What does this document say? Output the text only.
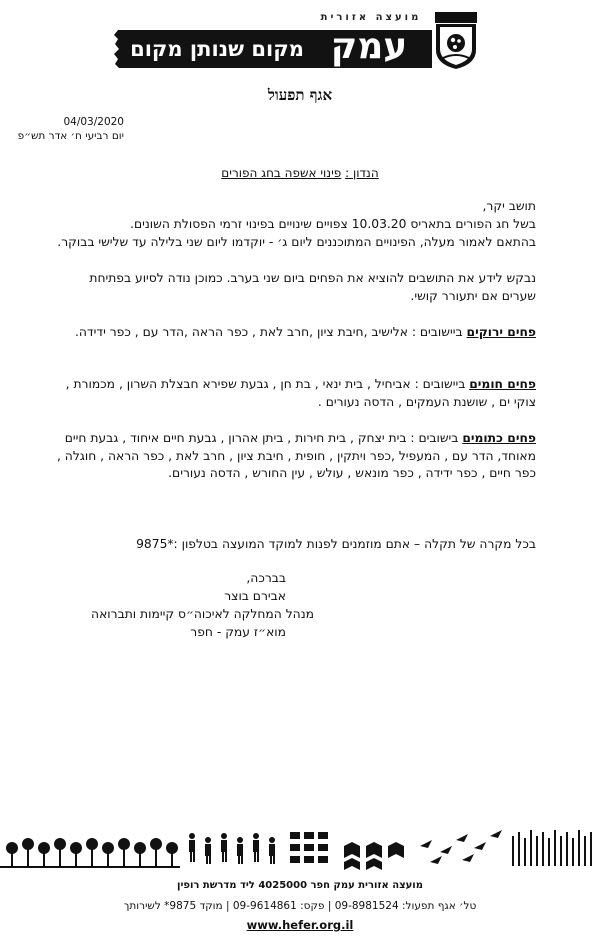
מועצה אזורית
מקום שנותן מקום עמק חפר
אגף תפעול
04/03/2020
יום רביעי ח׳ אדר תש״פ
הנדון : פינוי אשפה בחג הפורים
תושב יקר,
בשל חג הפורים בתאריס 10.03.20 צפויים שינויים בפינוי זרמי הפסולת השונים.
בהתאם לאמור מעלה, הפינויים המתוכננים ליום ג׳ - יוקדמו ליום שני בלילה עד שלישי בבוקר.
נבקש לידע את התושבים להוציא את הפחים ביום שני בערב. כמוכן נודה לסיוע בפתיחת שערים אם יתעורר קושי.
פחים ירוקים ביישובים : אלישיב ,חיבת ציון ,חרב לאת , כפר הראה ,הדר עם , כפר ידידה.
פחים חומים ביישובים : אביחיל , בית ינאי , בת חן , גבעת שפירא חבצלת השרון , מכמורת , צוקי ים , שושנת העמקים , הדסה נעורים .
פחים כתומים בישובים : בית יצחק , בית חירות , ביתן אהרון , גבעת חיים איחוד , גבעת חיים מאוחד, הדר עם , המעפיל ,כפר ויתקין , חופית , חיבת ציון , חרב לאת , כפר הראה , חוגלה , כפר חיים , כפר ידידה , כפר מונאש , עולש , עין החורש , הדסה נעורים.
בכל מקרה של תקלה – אתם מוזמנים לפנות למוקד המועצה בטלפון :*9875
בברכה,
אבירם בוצר
מנהל המחלקה לאיכוה״ס קיימות ותברואה
מוא״ז עמק - חפר
מועצה אזורית עמק חפר 4025000 ליד מדרשת רופין
טל׳ אגף תפעול: 09-8981524 | פקס: 09-9614861 | מוקד 9875* לשירותך
www.hefer.org.il
